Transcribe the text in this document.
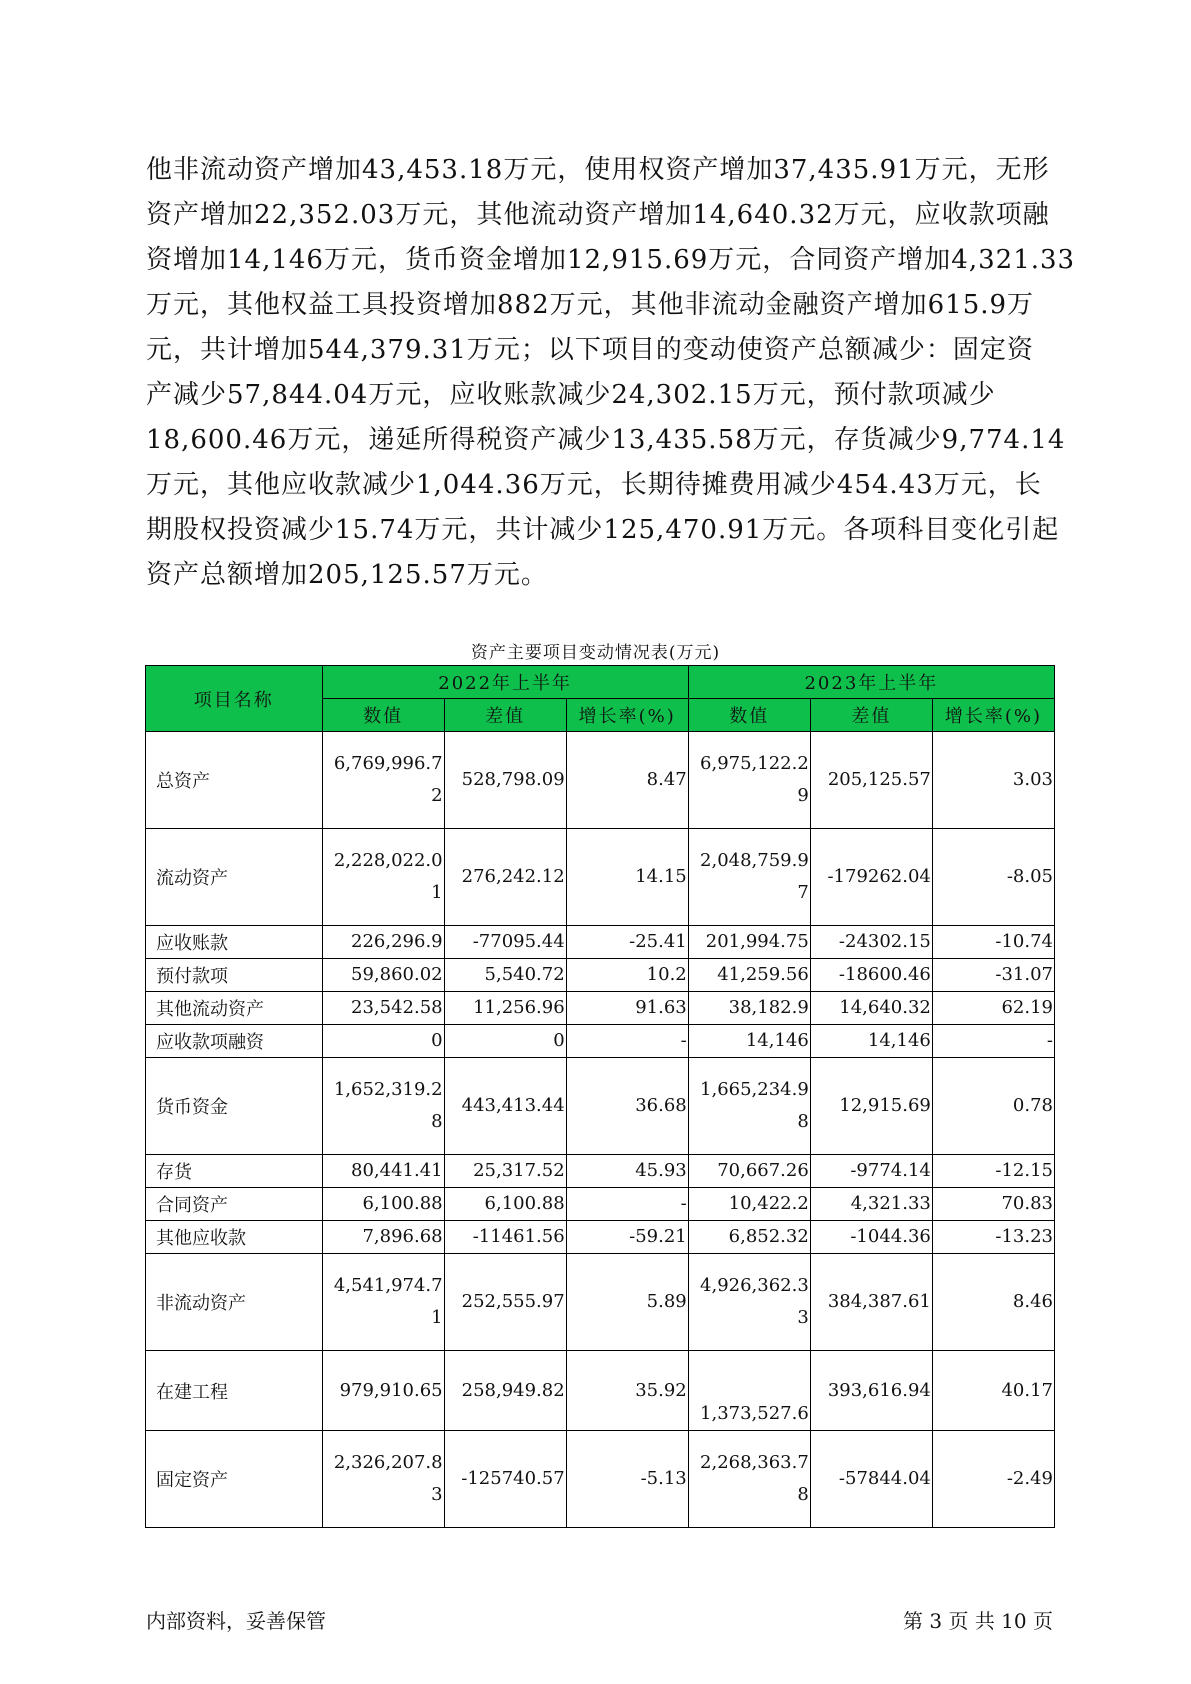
他非流动资产增加43,453.18万元，使用权资产增加37,435.91万元，无形
资产增加22,352.03万元，其他流动资产增加14,640.32万元，应收款项融
资增加14,146万元，货币资金增加12,915.69万元，合同资产增加4,321.33
万元，其他权益工具投资增加882万元，其他非流动金融资产增加615.9万
元，共计增加544,379.31万元；以下项目的变动使资产总额减少：固定资
产减少57,844.04万元，应收账款减少24,302.15万元，预付款项减少
18,600.46万元，递延所得税资产减少13,435.58万元，存货减少9,774.14
万元，其他应收款减少1,044.36万元，长期待摊费用减少454.43万元，长
期股权投资减少15.74万元，共计减少125,470.91万元。各项科目变化引起
资产总额增加205,125.57万元。
资产主要项目变动情况表(万元)
项目名称	2022年上半年			2023年上半年		
	数值	差值	增长率(%)	数值	差值	增长率(%)
总资产	6,769,996.72	528,798.09	8.47	6,975,122.29	205,125.57	3.03
流动资产	2,228,022.01	276,242.12	14.15	2,048,759.97	-179262.04	-8.05
应收账款	226,296.9	-77095.44	-25.41	201,994.75	-24302.15	-10.74
预付款项	59,860.02	5,540.72	10.2	41,259.56	-18600.46	-31.07
其他流动资产	23,542.58	11,256.96	91.63	38,182.9	14,640.32	62.19
应收款项融资	0	0	-	14,146	14,146	-
货币资金	1,652,319.28	443,413.44	36.68	1,665,234.98	12,915.69	0.78
存货	80,441.41	25,317.52	45.93	70,667.26	-9774.14	-12.15
合同资产	6,100.88	6,100.88	-	10,422.2	4,321.33	70.83
其他应收款	7,896.68	-11461.56	-59.21	6,852.32	-1044.36	-13.23
非流动资产	4,541,974.71	252,555.97	5.89	4,926,362.33	384,387.61	8.46
在建工程	979,910.65	258,949.82	35.92	1,373,527.6	393,616.94	40.17
固定资产	2,326,207.83	-125740.57	-5.13	2,268,363.78	-57844.04	-2.49
内部资料，妥善保管	第 3 页 共 10 页
